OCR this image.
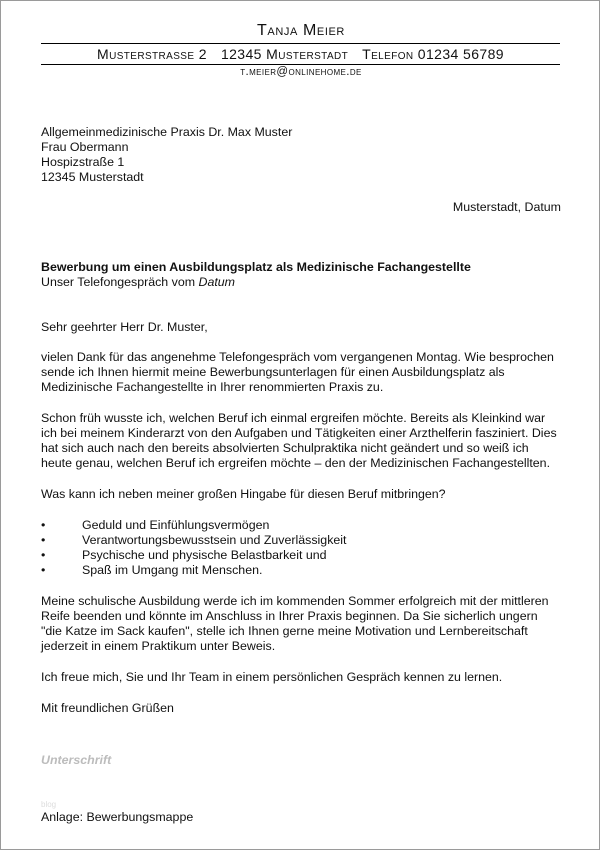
Tanja Meier
Musterstrasse 2 12345 Musterstadt Telefon 01234 56789
t.meier@onlinehome.de

Allgemeinmedizinische Praxis Dr. Max Muster
Frau Obermann
Hospizstraße 1
12345 Musterstadt

Musterstadt, Datum

Bewerbung um einen Ausbildungsplatz als Medizinische Fachangestellte

Unser Telefongespräch vom Datum

Sehr geehrter Herr Dr. Muster,

vielen Dank für das angenehme Telefongespräch vom vergangenen Montag. Wie besprochen sende ich Ihnen hiermit meine Bewerbungsunterlagen für einen Ausbildungsplatz als Medizinische Fachangestellte in Ihrer renommierten Praxis zu.

Schon früh wusste ich, welchen Beruf ich einmal ergreifen möchte. Bereits als Kleinkind war ich bei meinem Kinderarzt von den Aufgaben und Tätigkeiten einer Arzthelferin fasziniert. Dies hat sich auch nach den bereits absolvierten Schulpraktika nicht geändert und so weiß ich heute genau, welchen Beruf ich ergreifen möchte – den der Medizinischen Fachangestellten.

Was kann ich neben meiner großen Hingabe für diesen Beruf mitbringen?

• Geduld und Einfühlungsvermögen
• Verantwortungsbewusstsein und Zuverlässigkeit
• Psychische und physische Belastbarkeit und
• Spaß im Umgang mit Menschen.

Meine schulische Ausbildung werde ich im kommenden Sommer erfolgreich mit der mittleren Reife beenden und könnte im Anschluss in Ihrer Praxis beginnen. Da Sie sicherlich ungern "die Katze im Sack kaufen", stelle ich Ihnen gerne meine Motivation und Lernbereitschaft jederzeit in einem Praktikum unter Beweis.

Ich freue mich, Sie und Ihr Team in einem persönlichen Gespräch kennen zu lernen.

Mit freundlichen Grüßen

Unterschrift

blog
Anlage: Bewerbungsmappe
